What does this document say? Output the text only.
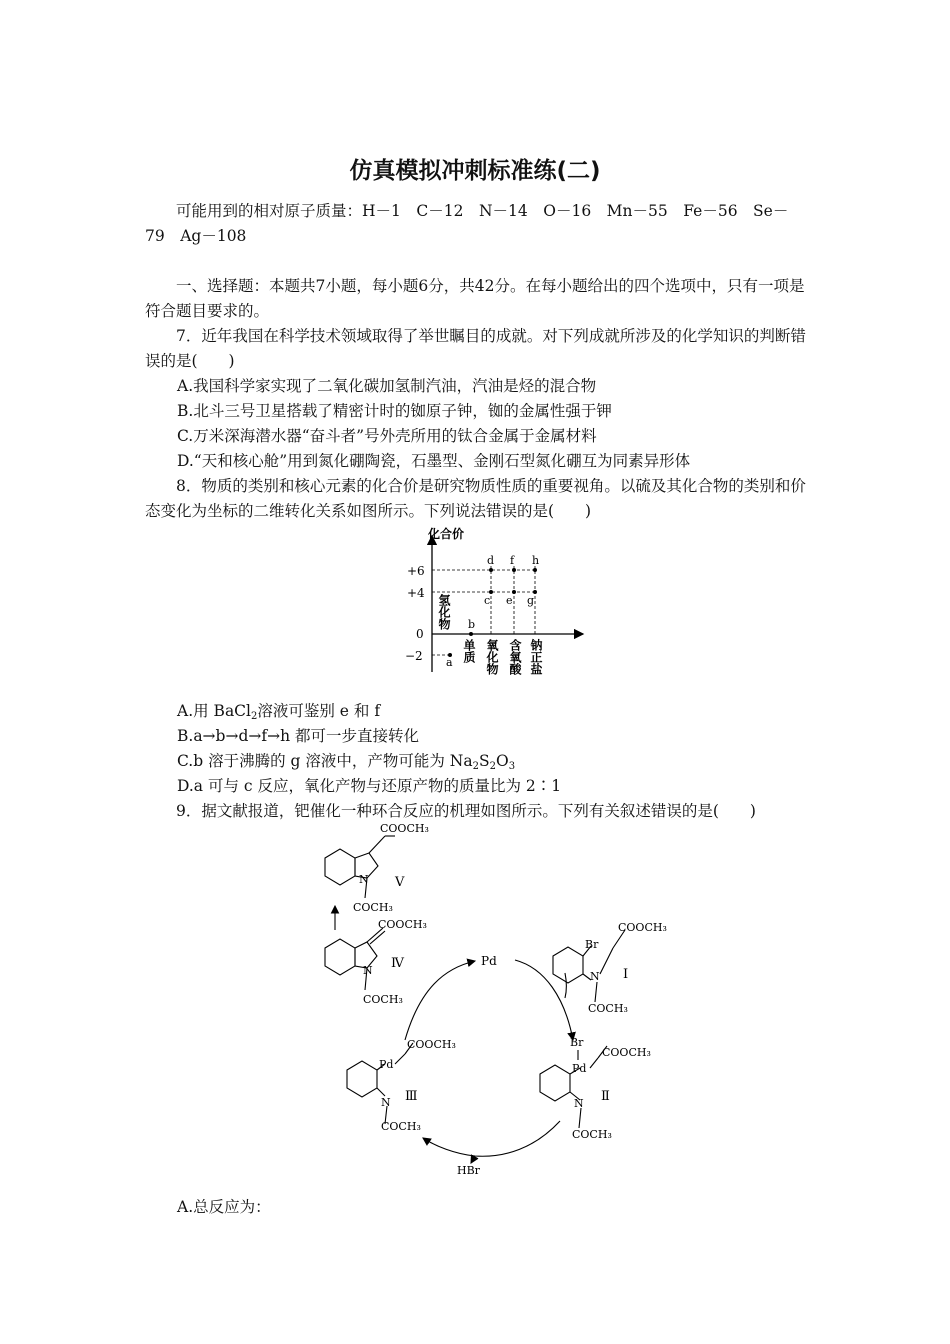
仿真模拟冲刺标准练(二)
可能用到的相对原子质量：H－1　C－12　N－14　O－16　Mn－55　Fe－56　Se－79　Ag－108
一、选择题：本题共7小题，每小题6分，共42分。在每小题给出的四个选项中，只有一项是符合题目要求的。
7．近年我国在科学技术领域取得了举世瞩目的成就。对下列成就所涉及的化学知识的判断错误的是(　　)
A.我国科学家实现了二氧化碳加氢制汽油，汽油是烃的混合物
B.北斗三号卫星搭载了精密计时的铷原子钟，铷的金属性强于钾
C.万米深海潜水器“奋斗者”号外壳所用的钛合金属于金属材料
D.“天和核心舱”用到氮化硼陶瓷，石墨型、金刚石型氮化硼互为同素异形体
8．物质的类别和核心元素的化合价是研究物质性质的重要视角。以硫及其化合物的类别和价态变化为坐标的二维转化关系如图所示。下列说法错误的是(　　)
化合价
+6
+4
0
−2 a
b
c
d
e
f
g
h
氢化物
单质 氧化物 含氧酸 钠正盐
A.用 BaCl$_2$溶液可鉴别 e 和 f
B.a→b→d→f→h 都可一步直接转化
C.b 溶于沸腾的 g 溶液中，产物可能为 $Na_2S_2O_3$
D.a 可与 c 反应，氧化产物与还原产物的质量比为 2∶1
9．据文献报道，钯催化一种环合反应的机理如图所示。下列有关叙述错误的是(　　)
COOCH₃
N Ⅴ
COCH₃
COOCH₃
N Ⅳ
COCH₃
Pd
Br
COOCH₃
N Ⅰ
COCH₃
Br
COOCH₃
Pd
N Ⅱ
COCH₃
COOCH₃
Pd
N Ⅲ
COCH₃
HBr
A.总反应为：
